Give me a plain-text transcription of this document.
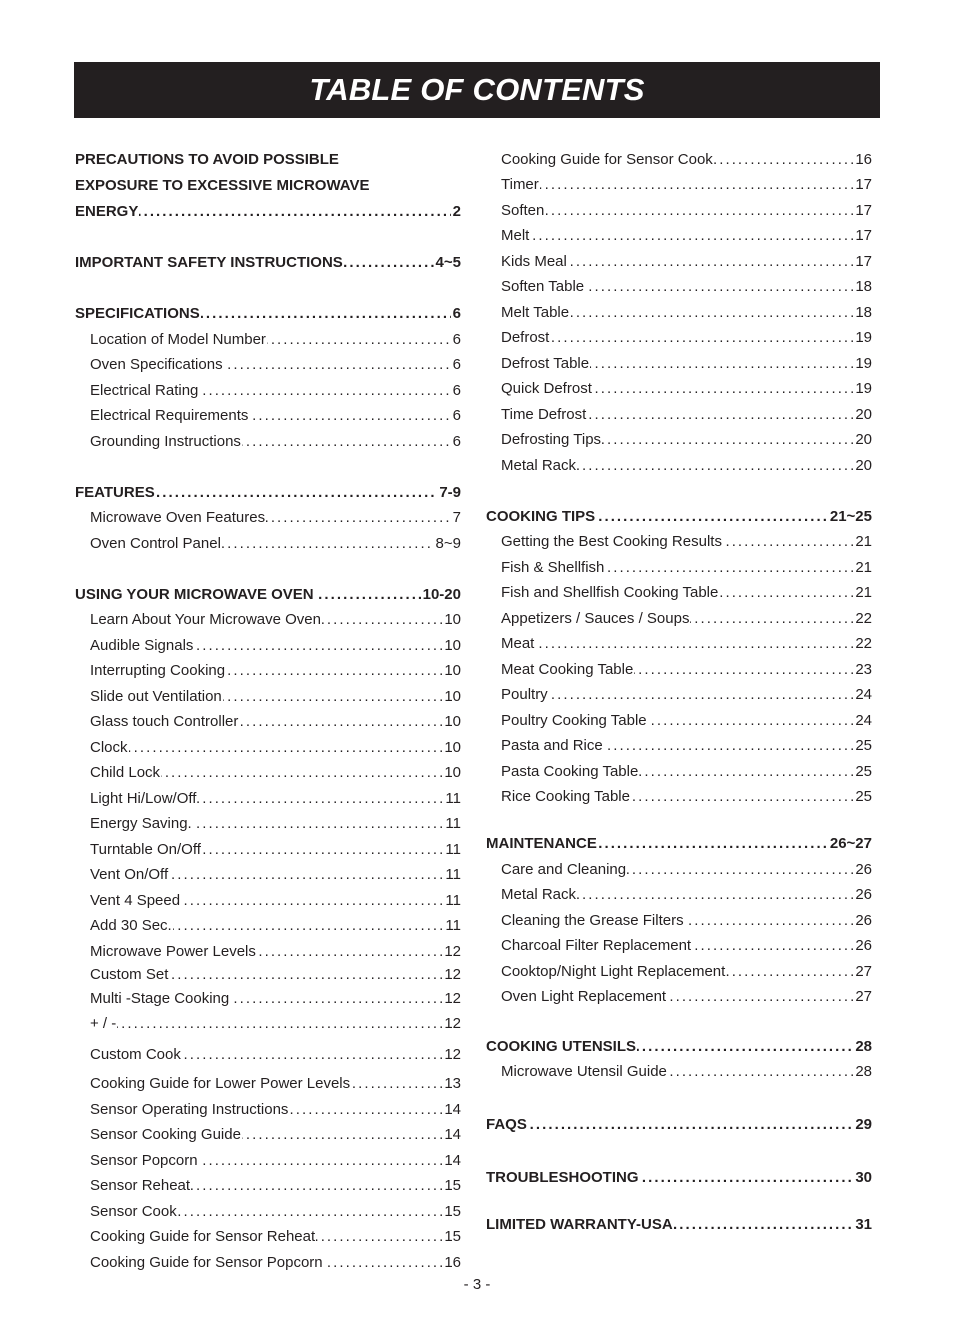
TABLE OF CONTENTS
PRECAUTIONS TO AVOID POSSIBLE
EXPOSURE TO EXCESSIVE MICROWAVE
. . . 2
ENERGY
. . . 4~5
IMPORTANT SAFETY INSTRUCTIONS
. . . 6
SPECIFICATIONS
. . . 6
Location of Model Number
. . . 6
Oven Specifications
. . . 6
Electrical Rating
. . . 6
Electrical Requirements
. . . 6
Grounding Instructions
. . . 7-9
FEATURES
. . . 7
Microwave Oven Features
. . . 8~9
Oven Control Panel
. . . 10-20
USING YOUR MICROWAVE OVEN
. . . 10
Learn About Your Microwave Oven
. . . 10
Audible Signals
. . . 10
Interrupting Cooking
. . . 10
Slide out Ventilation
. . . 10
Glass touch Controller
. . . 10
Clock
. . . 10
Child Lock
. . . 11
Light Hi/Low/Off
. . . 11
Energy Saving.
. . . 11
Turntable On/Off
. . . 11
Vent On/Off
. . . 11
Vent 4 Speed
. . . 11
Add 30 Sec.
. . . 12
Microwave Power Levels
. . . 12
Custom Set
. . . 12
Multi -Stage Cooking
. . . 12
+ / -
. . . 12
Custom Cook
. . . 13
Cooking Guide for Lower Power Levels
. . . 14
Sensor Operating Instructions
. . . 14
Sensor Cooking Guide
. . . 14
Sensor Popcorn
. . . 15
Sensor Reheat
. . . 15
Sensor Cook
. . . 15
Cooking Guide for Sensor Reheat
. . . 16
Cooking Guide for Sensor Popcorn
. . . 16
Cooking Guide for Sensor Cook
. . . 17
Timer
. . . 17
Soften
. . . 17
Melt
. . . 17
Kids Meal
. . . 18
Soften Table
. . . 18
Melt Table
. . . 19
Defrost
. . . 19
Defrost Table
. . . 19
Quick Defrost
. . . 20
Time Defrost
. . . 20
Defrosting Tips
. . . 20
Metal Rack
. . . 21~25
COOKING TIPS
. . . 21
Getting the Best Cooking Results
. . . 21
Fish & Shellfish
. . . 21
Fish and Shellfish Cooking Table
. . . 22
Appetizers / Sauces / Soups
. . . 22
Meat
. . . 23
Meat Cooking Table
. . . 24
Poultry
. . . 24
Poultry Cooking Table
. . . 25
Pasta and Rice
. . . 25
Pasta Cooking Table
. . . 25
Rice Cooking Table
. . . 26~27
MAINTENANCE
. . . 26
Care and Cleaning
. . . 26
Metal Rack
. . . 26
Cleaning the Grease Filters
. . . 26
Charcoal Filter Replacement
. . . 27
Cooktop/Night Light Replacement
. . . 27
Oven Light Replacement
. . . 28
COOKING UTENSILS
. . . 28
Microwave Utensil Guide
. . . 29
FAQS
. . . 30
TROUBLESHOOTING
. . . 31
LIMITED WARRANTY-USA
- 3 -
